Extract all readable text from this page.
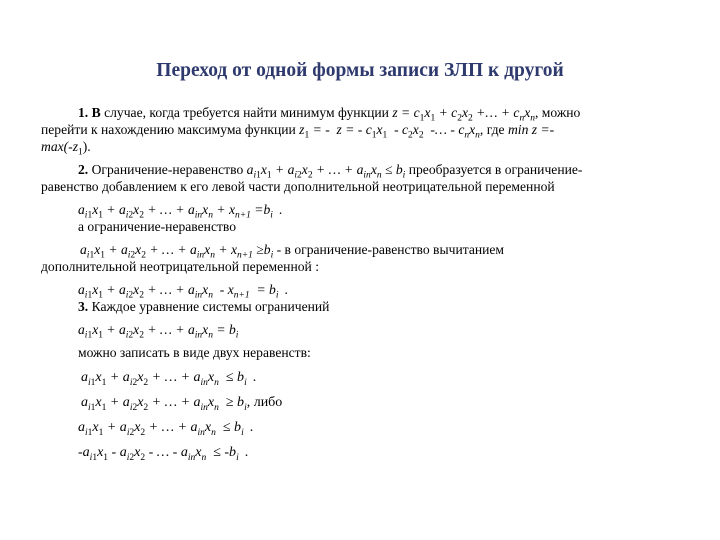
Переход от одной формы записи ЗЛП к другой
1. В случае, когда требуется найти минимум функции $z = c_1x_1 + c_2x_2$ +… + $c_nx_n$, можно
перейти к нахождению максимума функции $z_1$ = -  z = - $c_1x_1 - c_2x_2$  -… - $c_nx_n$, где min z =-
$\max(-z_1)$.
2. Ограничение-неравенство $a_{i1}x_1 + a_{i2}x_2$ + … + $a_{in}x_n \le b_i$ преобразуется в ограничение-
равенство добавлением к его левой части дополнительной неотрицательной переменной
$a_{i1}x_1 + a_{i2}x_2$ + … + $a_{in}x_n + x_{n+1} =b_i$ .
а ограничение-неравенство
$a_{i1}x_1 + a_{i2}x_2$ + … + $a_{in}x_n + x_{n+1} \ge b_i - в$ ограничение-равенство вычитанием
дополнительной неотрицательной переменной :
$a_{i1}x_1 + a_{i2}x_2$ + … + $a_{in}x_n - x_{n+1} = b_i$ .
3. Каждое уравнение системы ограничений
$a_{i1}x_1 + a_{i2}x_2$ + … + $a_{in}x_n = b_i$
можно записать в виде двух неравенств:
$a_{i1}x_1 + a_{i2}x_2$ + … + $a_{in}x_n \le b_i$ .
$a_{i1}x_1 + a_{i2}x_2$ + … + $a_{in}x_n \ge b_i$, либо
$a_{i1}x_1 + a_{i2}x_2$ + … + $a_{in}x_n \le b_i$ .
$-a_{i1}x_1 - a_{i2}x_2$ - … - $a_{in}x_n \le -b_i$ .
